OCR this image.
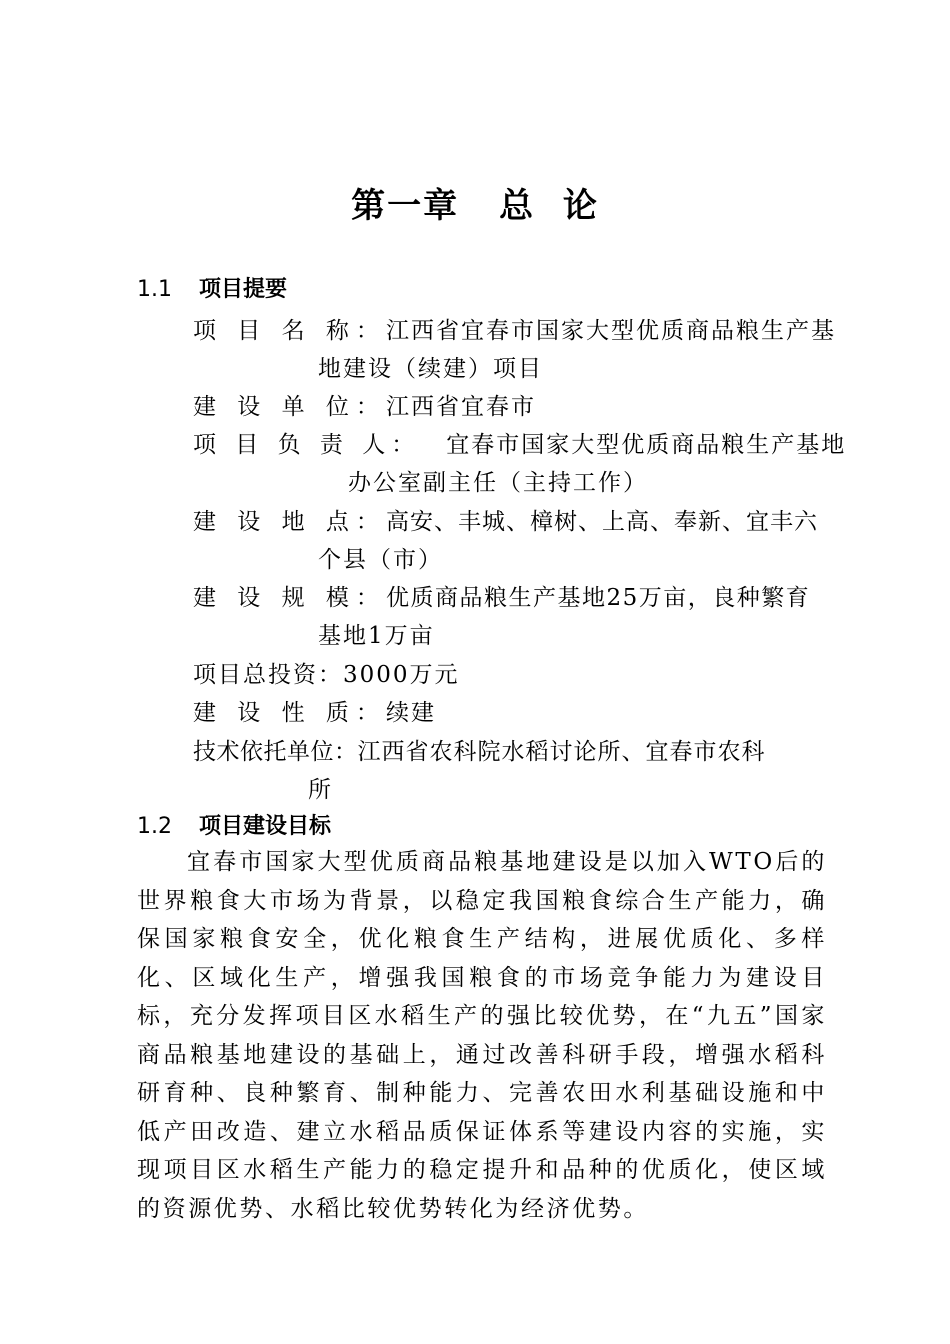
第一章 总  论
1.1 项目提要
项 目 名 称：江西省宜春市国家大型优质商品粮生产基
地建设（续建）项目
建 设 单 位：江西省宜春市
项 目 负 责 人： 宜春市国家大型优质商品粮生产基地
办公室副主任（主持工作）
建 设 地 点：高安、丰城、樟树、上高、奉新、宜丰六
个县（市）
建 设 规 模：优质商品粮生产基地25万亩，良种繁育
基地1万亩
项目总投资：3000万元
建 设 性 质：续建
技术依托单位：江西省农科院水稻讨论所、宜春市农科
所
1.2 项目建设目标
宜春市国家大型优质商品粮基地建设是以加入WTO后的世界粮食大市场为背景，以稳定我国粮食综合生产能力，确保国家粮食安全，优化粮食生产结构，进展优质化、多样化、区域化生产，增强我国粮食的市场竞争能力为建设目标，充分发挥项目区水稻生产的强比较优势，在“九五”国家商品粮基地建设的基础上，通过改善科研手段，增强水稻科研育种、良种繁育、制种能力、完善农田水利基础设施和中低产田改造、建立水稻品质保证体系等建设内容的实施，实现项目区水稻生产能力的稳定提升和品种的优质化，使区域的资源优势、水稻比较优势转化为经济优势。
